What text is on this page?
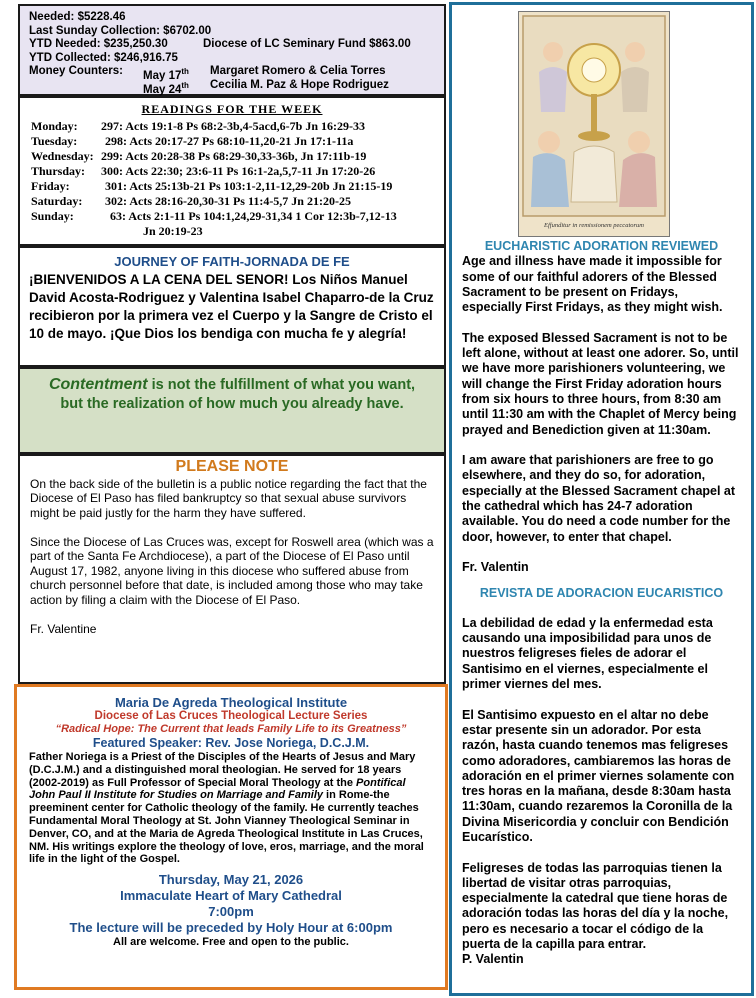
Needed: $5228.46
Last Sunday Collection: $6702.00
YTD Needed: $235,250.30	Diocese of LC Seminary Fund $863.00
YTD Collected: $246,916.75
Money Counters: May 17th Margaret Romero & Celia Torres
May 24th Cecilia M. Paz & Hope Rodriguez
READINGS FOR THE WEEK
Monday: 297: Acts 19:1-8 Ps 68:2-3b,4-5acd,6-7b Jn 16:29-33
Tuesday: 298: Acts 20:17-27 Ps 68:10-11,20-21 Jn 17:1-11a
Wednesday: 299: Acts 20:28-38 Ps 68:29-30,33-36b, Jn 17:11b-19
Thursday: 300: Acts 22:30; 23:6-11 Ps 16:1-2a,5,7-11 Jn 17:20-26
Friday:	301: Acts 25:13b-21 Ps 103:1-2,11-12,29-20b Jn 21:15-19
Saturday: 302: Acts 28:16-20,30-31 Ps 11:4-5,7 Jn 21:20-25
Sunday:	63: Acts 2:1-11 Ps 104:1,24,29-31,34 1 Cor 12:3b-7,12-13
Jn 20:19-23
JOURNEY OF FAITH-JORNADA DE FE
¡BIENVENIDOS A LA CENA DEL SENOR! Los Niños Manuel David Acosta-Rodriguez y Valentina Isabel Chaparro-de la Cruz recibieron por la primera vez el Cuerpo y la Sangre de Cristo el 10 de mayo. ¡Que Dios los bendiga con mucha fe y alegría!
Contentment is not the fulfillment of what you want, but the realization of how much you already have.
PLEASE NOTE

On the back side of the bulletin is a public notice regarding the fact that the Diocese of El Paso has filed bankruptcy so that sexual abuse survivors might be paid justly for the harm they have suffered.

Since the Diocese of Las Cruces was, except for Roswell area (which was a part of the Santa Fe Archdiocese), a part of the Diocese of El Paso until August 17, 1982, anyone living in this diocese who suffered abuse from church personnel before that date, is included among those who may take action by filing a claim with the Diocese of El Paso.

Fr. Valentine
Maria De Agreda Theological Institute
Diocese of Las Cruces Theological Lecture Series
“Radical Hope: The Current that leads Family Life to its Greatness”
Featured Speaker: Rev. Jose Noriega, D.C.J.M.
Father Noriega is a Priest of the Disciples of the Hearts of Jesus and Mary (D.C.J.M.) and a distinguished moral theologian. He served for 18 years (2002-2019) as Full Professor of Special Moral Theology at the Pontifical John Paul II Institute for Studies on Marriage and Family in Rome-the preeminent center for Catholic theology of the family. He currently teaches Fundamental Moral Theology at St. John Vianney Theological Seminar in Denver, CO, and at the Maria de Agreda Theological Institute in Las Cruces, NM. His writings explore the theology of love, eros, marriage, and the moral life in the light of the Gospel.
Thursday, May 21, 2026
Immaculate Heart of Mary Cathedral
7:00pm
The lecture will be preceded by Holy Hour at 6:00pm
All are welcome. Free and open to the public.
Effunditur in remissionem peccatorum
EUCHARISTIC ADORATION REVIEWED

Age and illness have made it impossible for some of our faithful adorers of the Blessed Sacrament to be present on Fridays, especially First Fridays, as they might wish.

The exposed Blessed Sacrament is not to be left alone, without at least one adorer. So, until we have more parishioners volunteering, we will change the First Friday adoration hours from six hours to three hours, from 8:30 am until 11:30 am with the Chaplet of Mercy being prayed and Benediction given at 11:30am.

I am aware that parishioners are free to go elsewhere, and they do so, for adoration, especially at the Blessed Sacrament chapel at the cathedral which has 24-7 adoration available. You do need a code number for the door, however, to enter that chapel.

Fr. Valentin

REVISTA DE ADORACION EUCARISTICO

La debilidad de edad y la enfermedad esta causando una imposibilidad para unos de nuestros feligreses fieles de adorar el Santisimo en el viernes, especialmente el primer viernes del mes.

El Santisimo expuesto en el altar no debe estar presente sin un adorador. Por esta razón, hasta cuando tenemos mas feligreses como adoradores, cambiaremos las horas de adoración en el primer viernes solamente con tres horas en la mañana, desde 8:30am hasta 11:30am, cuando rezaremos la Coronilla de la Divina Misericordia y concluir con Bendición Eucarístico.

Feligreses de todas las parroquias tienen la libertad de visitar otras parroquias, especialmente la catedral que tiene horas de adoración todas las horas del día y la noche, pero es necesario a tocar el código de la puerta de la capilla para entrar.

P. Valentin
